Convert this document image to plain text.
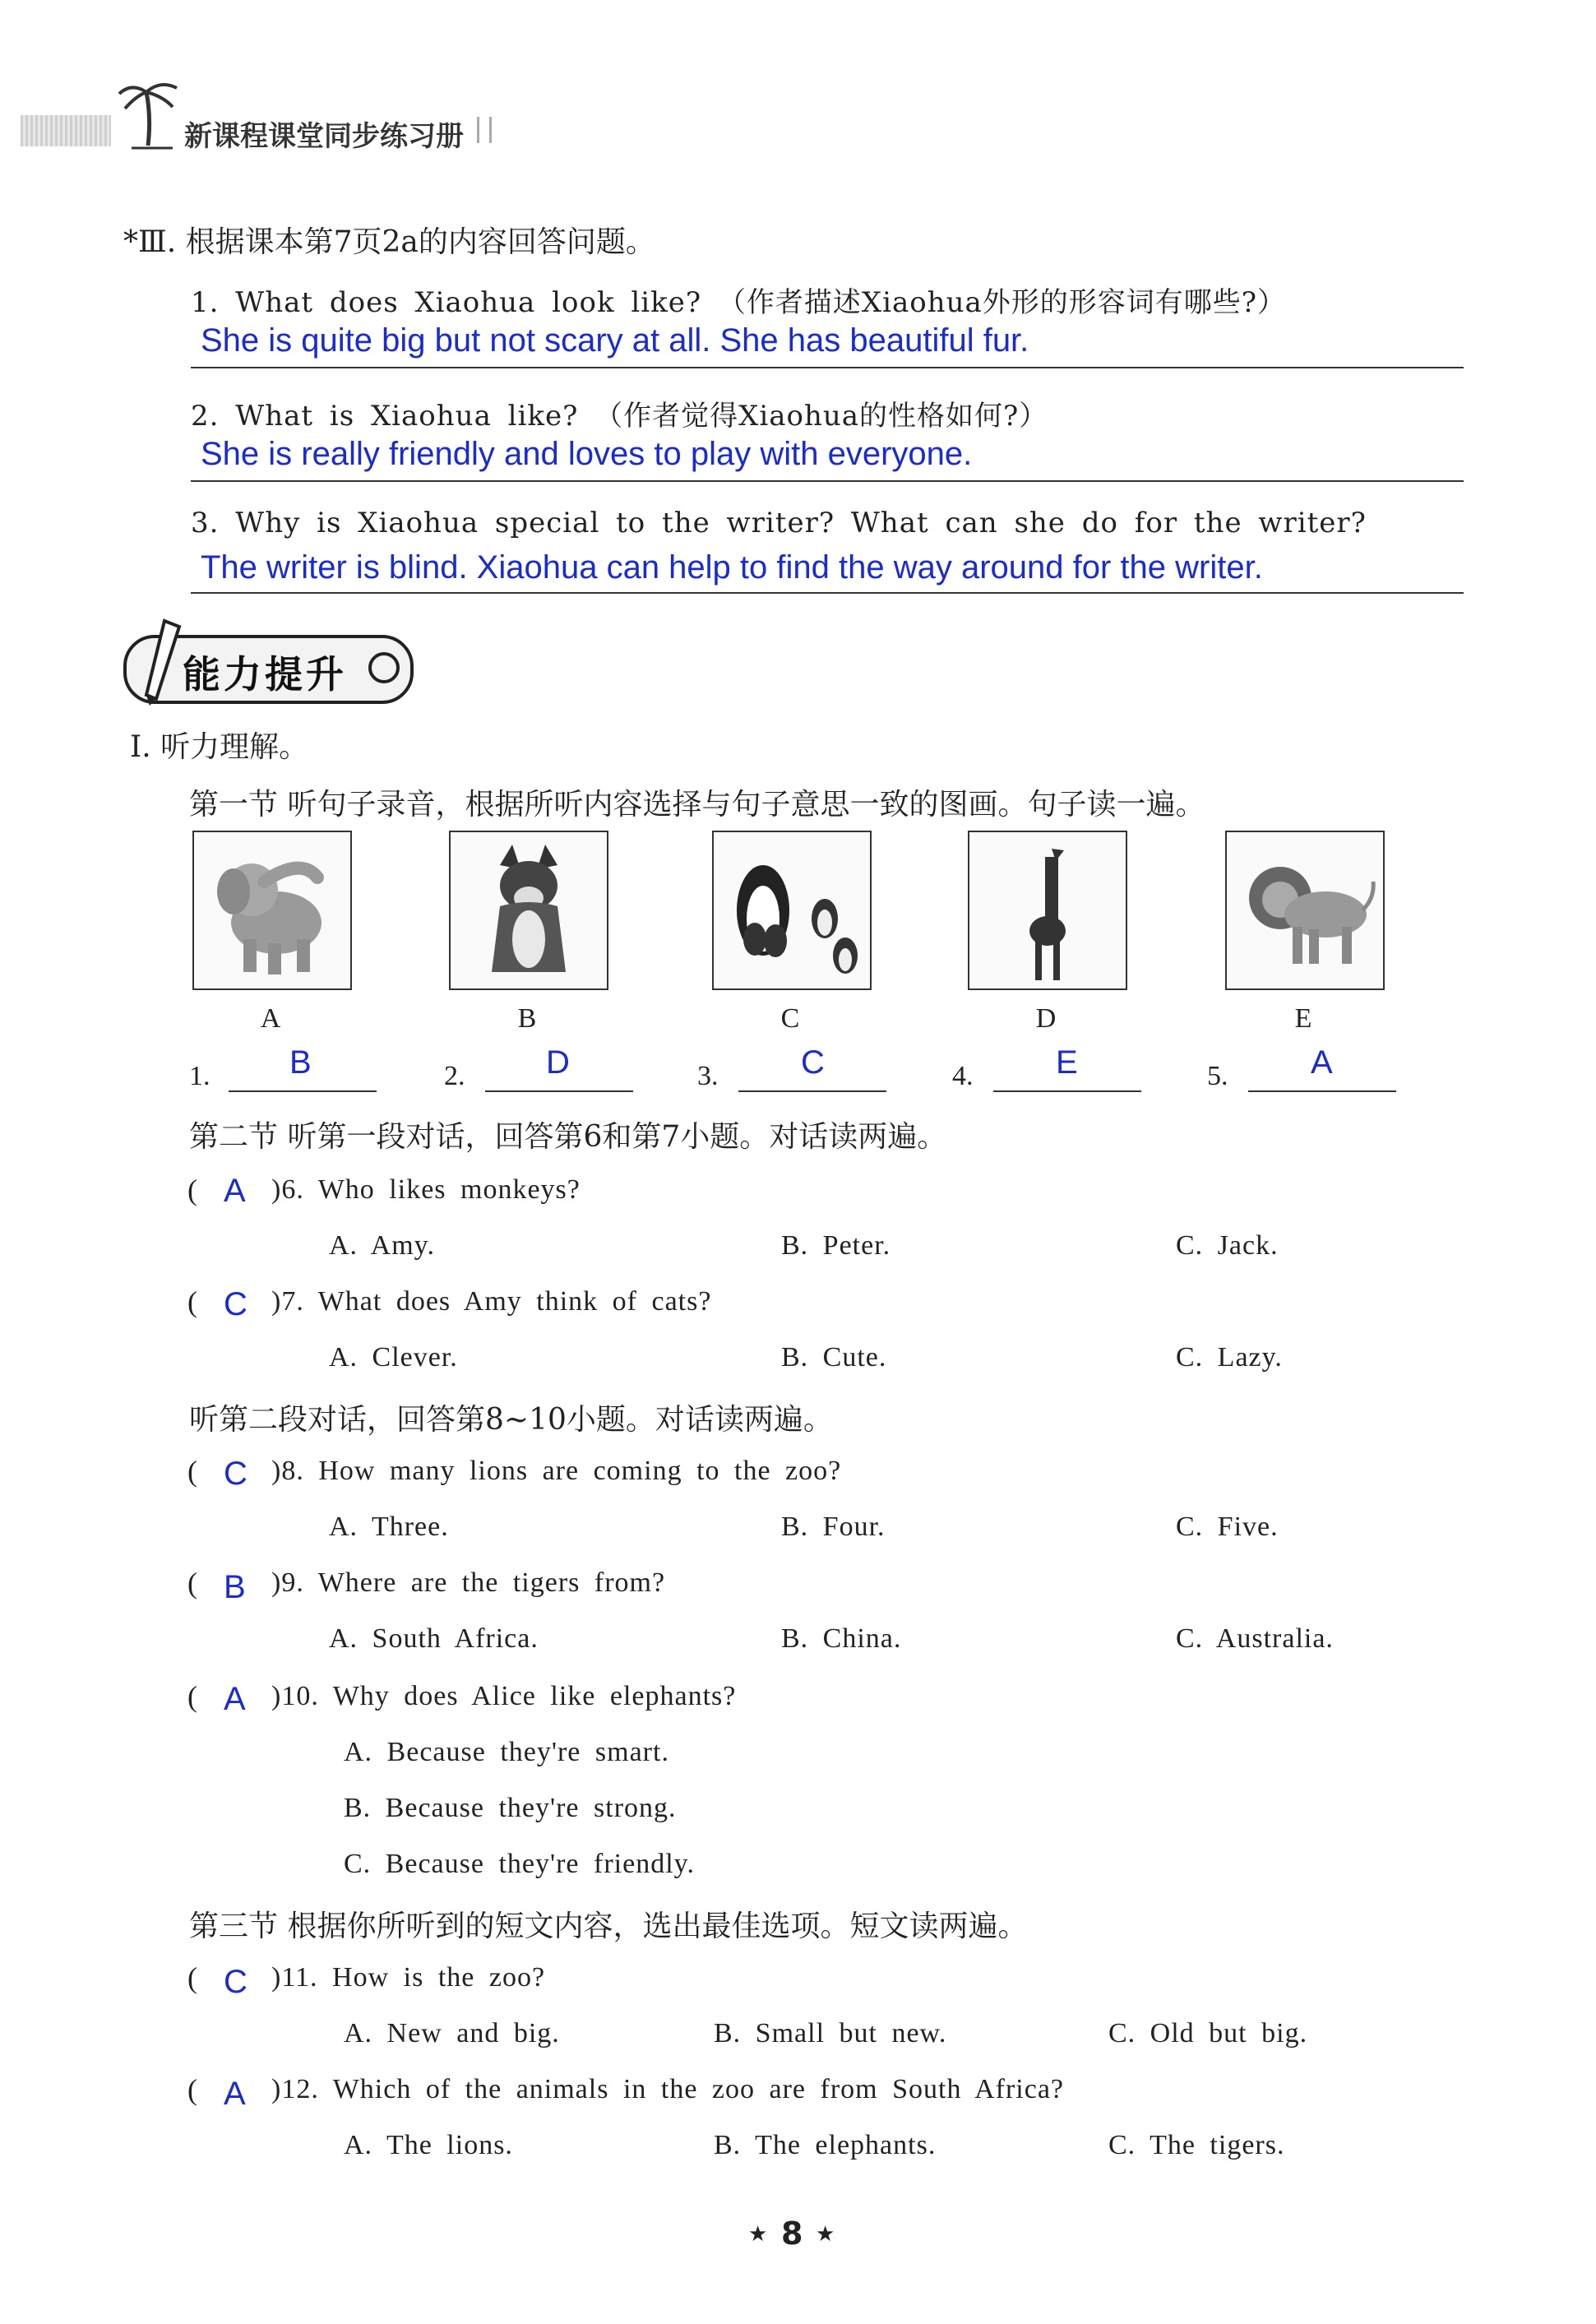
新课程课堂同步练习册
*Ⅲ. 根据课本第7页2a的内容回答问题。
1. What does Xiaohua look like? （作者描述Xiaohua外形的形容词有哪些?）
She is quite big but not scary at all. She has beautiful fur.
2. What is Xiaohua like? （作者觉得Xiaohua的性格如何?）
She is really friendly and loves to play with everyone.
3. Why is Xiaohua special to the writer? What can she do for the writer?
The writer is blind. Xiaohua can help to find the way around for the writer.
能力提升
Ⅰ. 听力理解。
第一节 听句子录音，根据所听内容选择与句子意思一致的图画。句子读一遍。
A	B	C	D	E
1. B	2. D	3.	C	4.	E	5.	A
第二节 听第一段对话，回答第6和第7小题。对话读两遍。
( A )6. Who likes monkeys?
A. Amy.	B. Peter.	C. Jack.
( C )7. What does Amy think of cats?
A. Clever.	B. Cute.	C. Lazy.
听第二段对话，回答第8~10小题。对话读两遍。
( C )8. How many lions are coming to the zoo?
A. Three.	B. Four.	C. Five.
( B )9. Where are the tigers from?
A. South Africa.	B. China.	C. Australia.
( A )10. Why does Alice like elephants?
A. Because they're smart.
B. Because they're strong.
C. Because they're friendly.
第三节 根据你所听到的短文内容，选出最佳选项。短文读两遍。
( C )11. How is the zoo?
A. New and big.	B. Small but new.	C. Old but big.
( A )12. Which of the animals in the zoo are from South Africa?
A. The lions.	B. The elephants.	C. The tigers.
★ 8 ★
